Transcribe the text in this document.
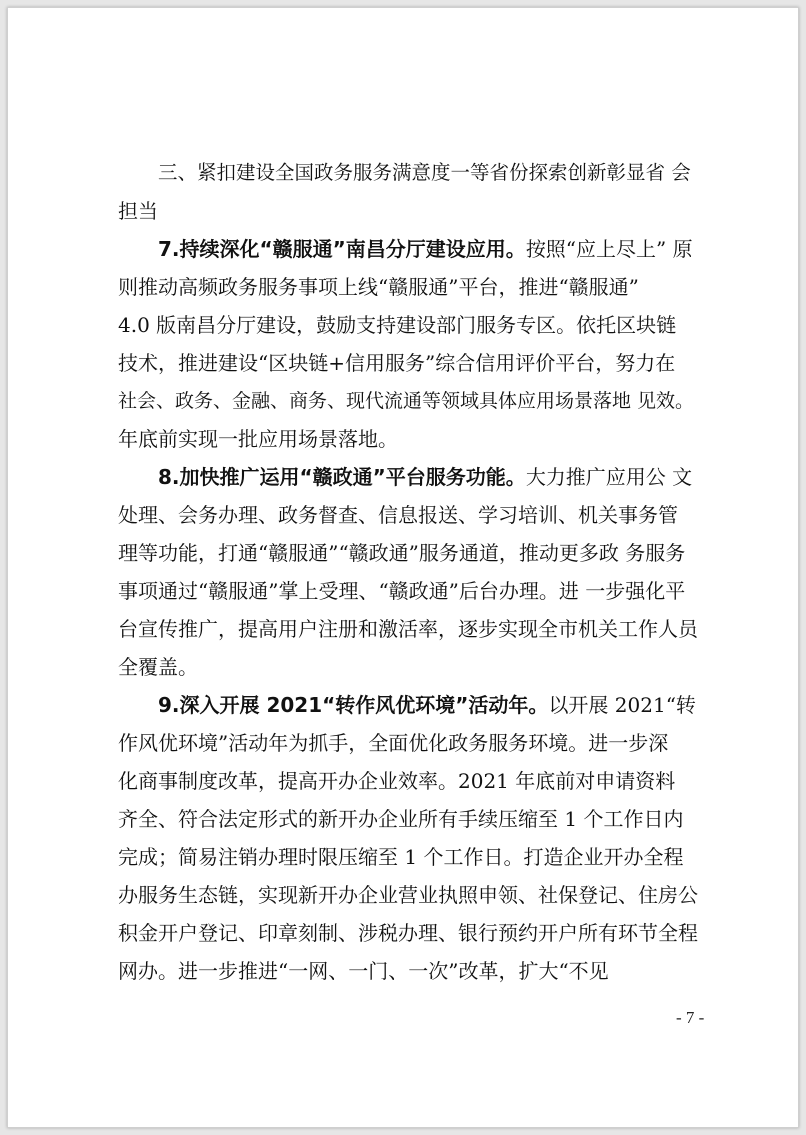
三、紧扣建设全国政务服务满意度一等省份探索创新彰显省 会
担当
7.持续深化“赣服通”南昌分厅建设应用。按照“应上尽上” 原
则推动高频政务服务事项上线“赣服通”平台，推进“赣服通”
4.0 版南昌分厅建设，鼓励支持建设部门服务专区。依托区块链
技术，推进建设“区块链+信用服务”综合信用评价平台，努力在
社会、政务、金融、商务、现代流通等领域具体应用场景落地 见效。
年底前实现一批应用场景落地。
8.加快推广运用“赣政通”平台服务功能。大力推广应用公 文
处理、会务办理、政务督查、信息报送、学习培训、机关事务管
理等功能，打通“赣服通”“赣政通”服务通道，推动更多政 务服务
事项通过“赣服通”掌上受理、“赣政通”后台办理。进 一步强化平
台宣传推广，提高用户注册和激活率，逐步实现全市机关工作人员
全覆盖。
9.深入开展 2021“转作风优环境”活动年。以开展 2021“转
作风优环境”活动年为抓手，全面优化政务服务环境。进一步深
化商事制度改革，提高开办企业效率。2021 年底前对申请资料
齐全、符合法定形式的新开办企业所有手续压缩至 1 个工作日内
完成；简易注销办理时限压缩至 1 个工作日。打造企业开办全程
办服务生态链，实现新开办企业营业执照申领、社保登记、住房公
积金开户登记、印章刻制、涉税办理、银行预约开户所有环节全程
网办。进一步推进“一网、一门、一次”改革，扩大“不见
- 7 -
